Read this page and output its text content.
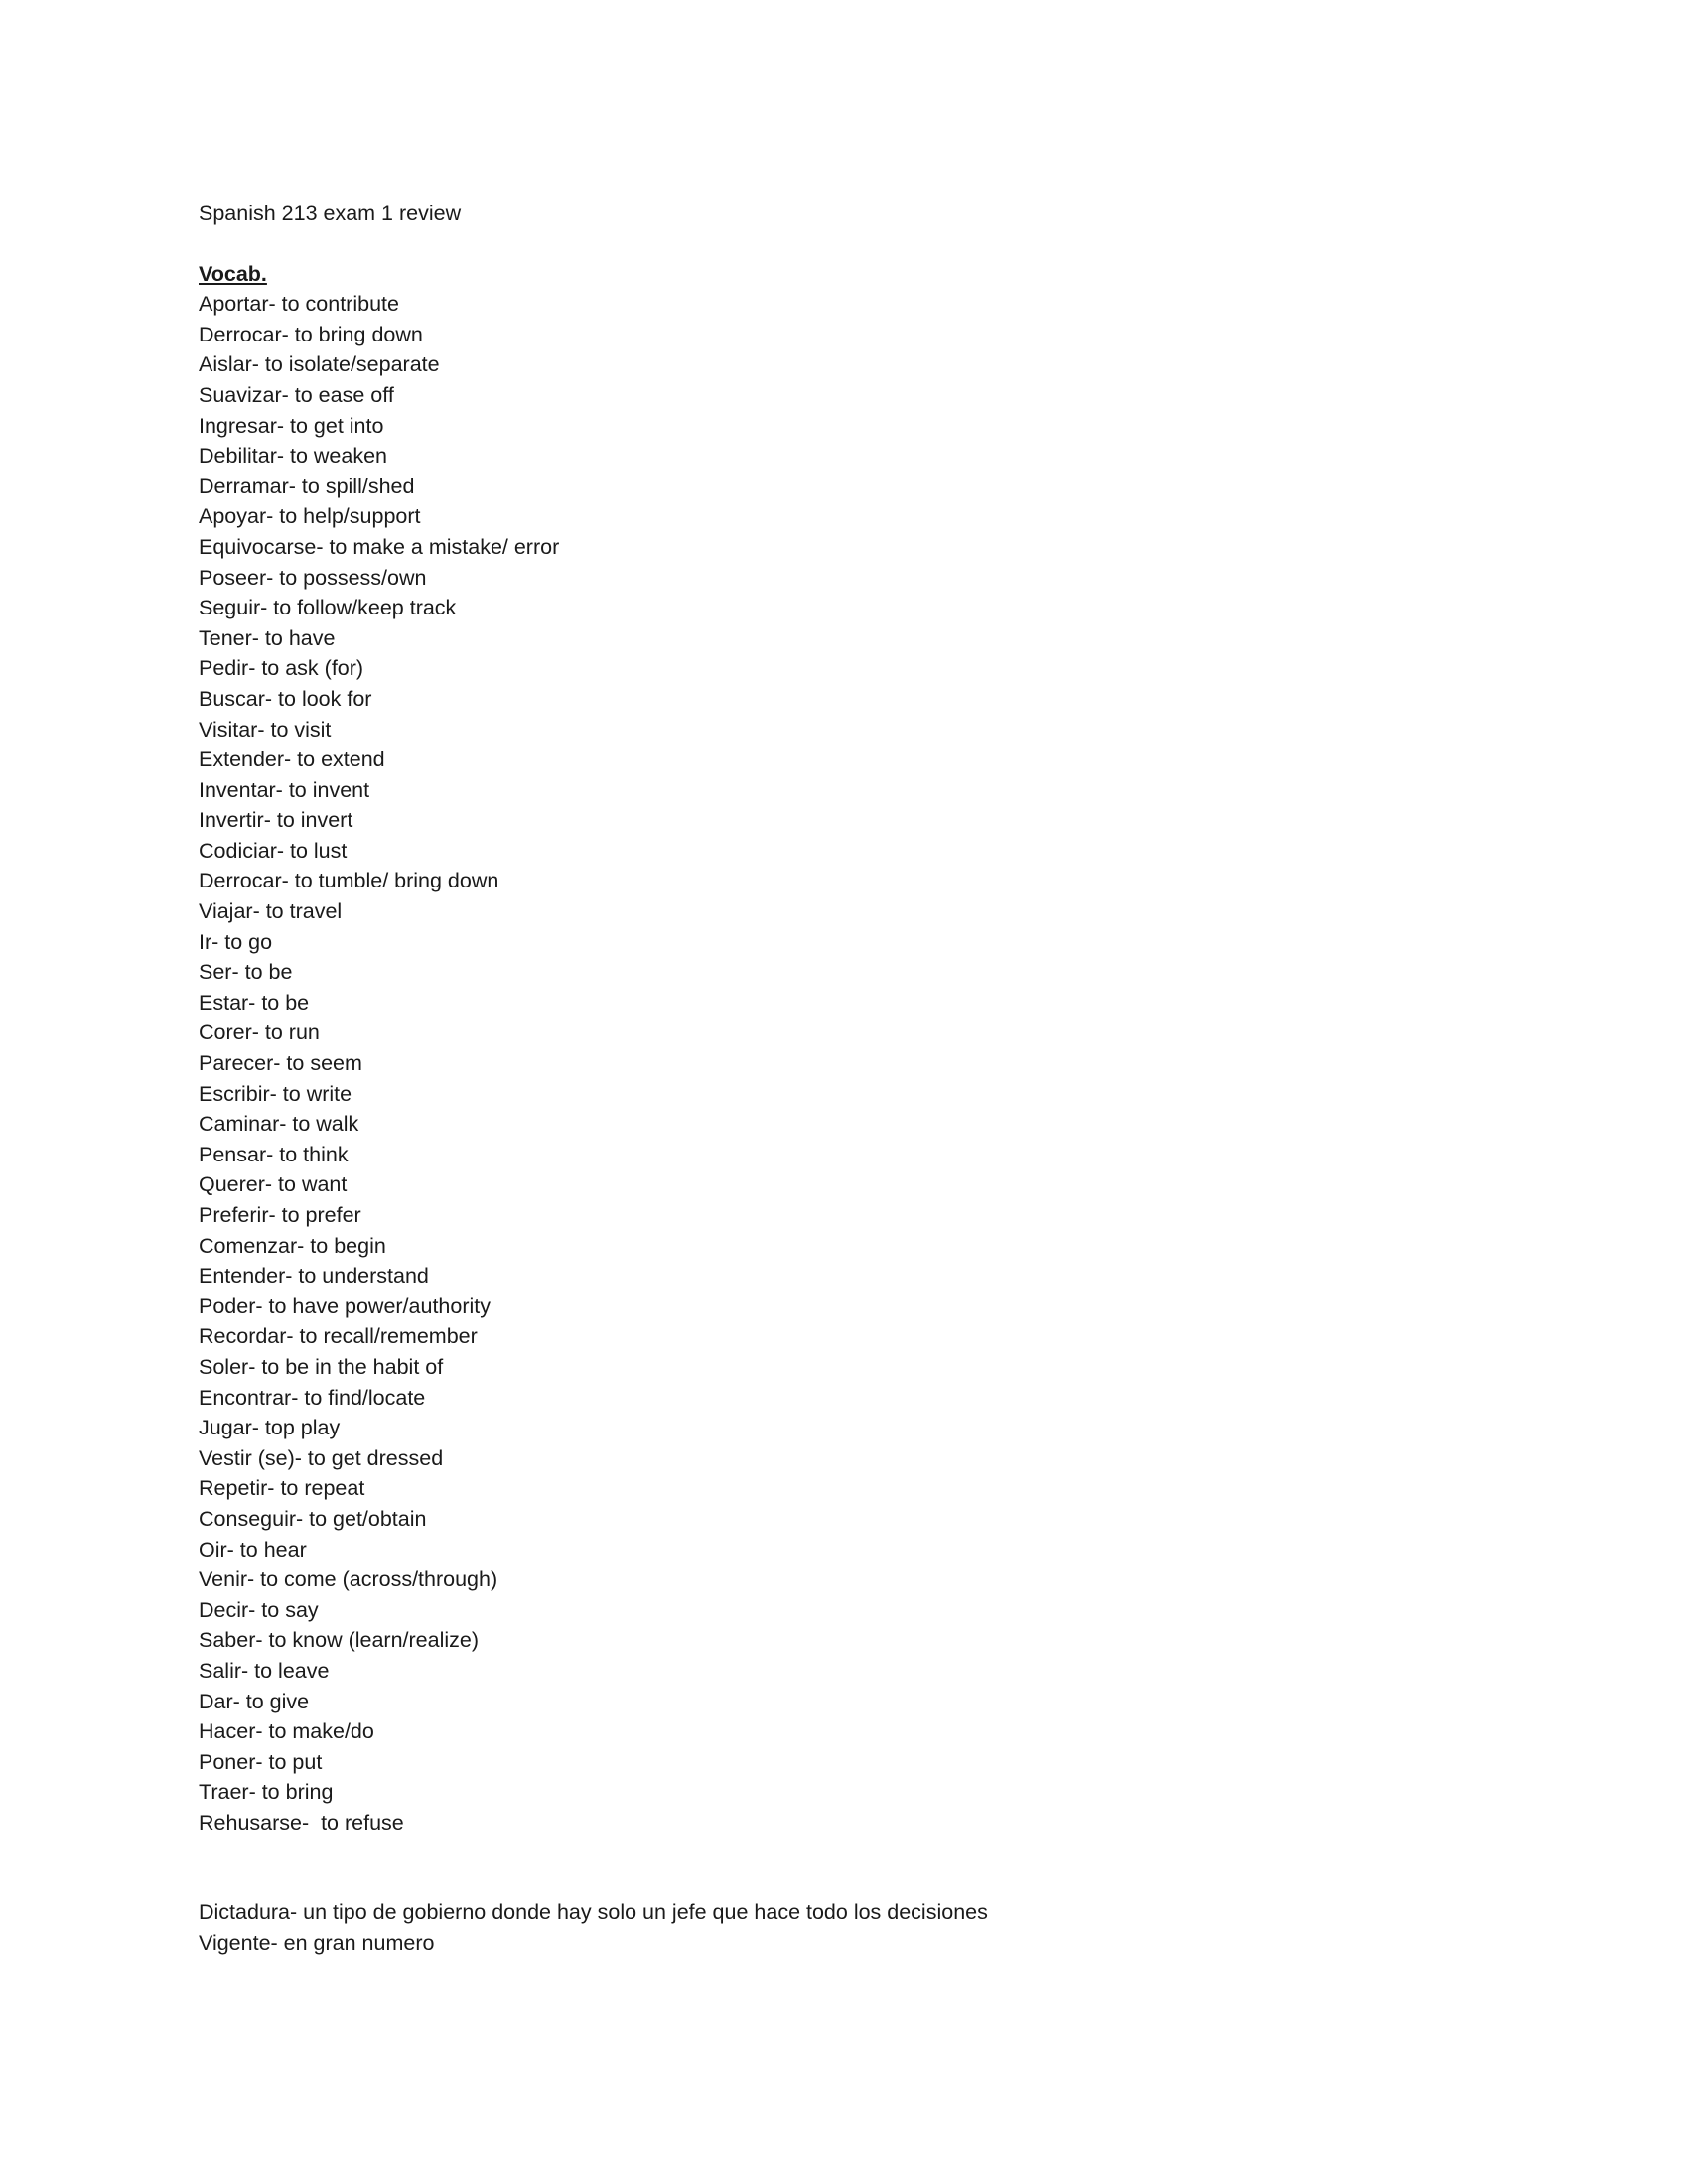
Spanish 213 exam 1 review

Vocab.

Aportar- to contribute
Derrocar- to bring down
Aislar- to isolate/separate
Suavizar- to ease off
Ingresar- to get into
Debilitar- to weaken
Derramar- to spill/shed
Apoyar- to help/support
Equivocarse- to make a mistake/ error
Poseer- to possess/own
Seguir- to follow/keep track
Tener- to have
Pedir- to ask (for)
Buscar- to look for
Visitar- to visit
Extender- to extend
Inventar- to invent
Invertir- to invert
Codiciar- to lust
Derrocar- to tumble/ bring down
Viajar- to travel
Ir- to go
Ser- to be
Estar- to be
Corer- to run
Parecer- to seem
Escribir- to write
Caminar- to walk
Pensar- to think
Querer- to want
Preferir- to prefer
Comenzar- to begin
Entender- to understand
Poder- to have power/authority
Recordar- to recall/remember
Soler- to be in the habit of
Encontrar- to find/locate
Jugar- top play
Vestir (se)- to get dressed
Repetir- to repeat
Conseguir- to get/obtain
Oir- to hear
Venir- to come (across/through)
Decir- to say
Saber- to know (learn/realize)
Salir- to leave
Dar- to give
Hacer- to make/do
Poner- to put
Traer- to bring
Rehusarse-  to refuse
Dictadura- un tipo de gobierno donde hay solo un jefe que hace todo los decisiones
Vigente- en gran numero
